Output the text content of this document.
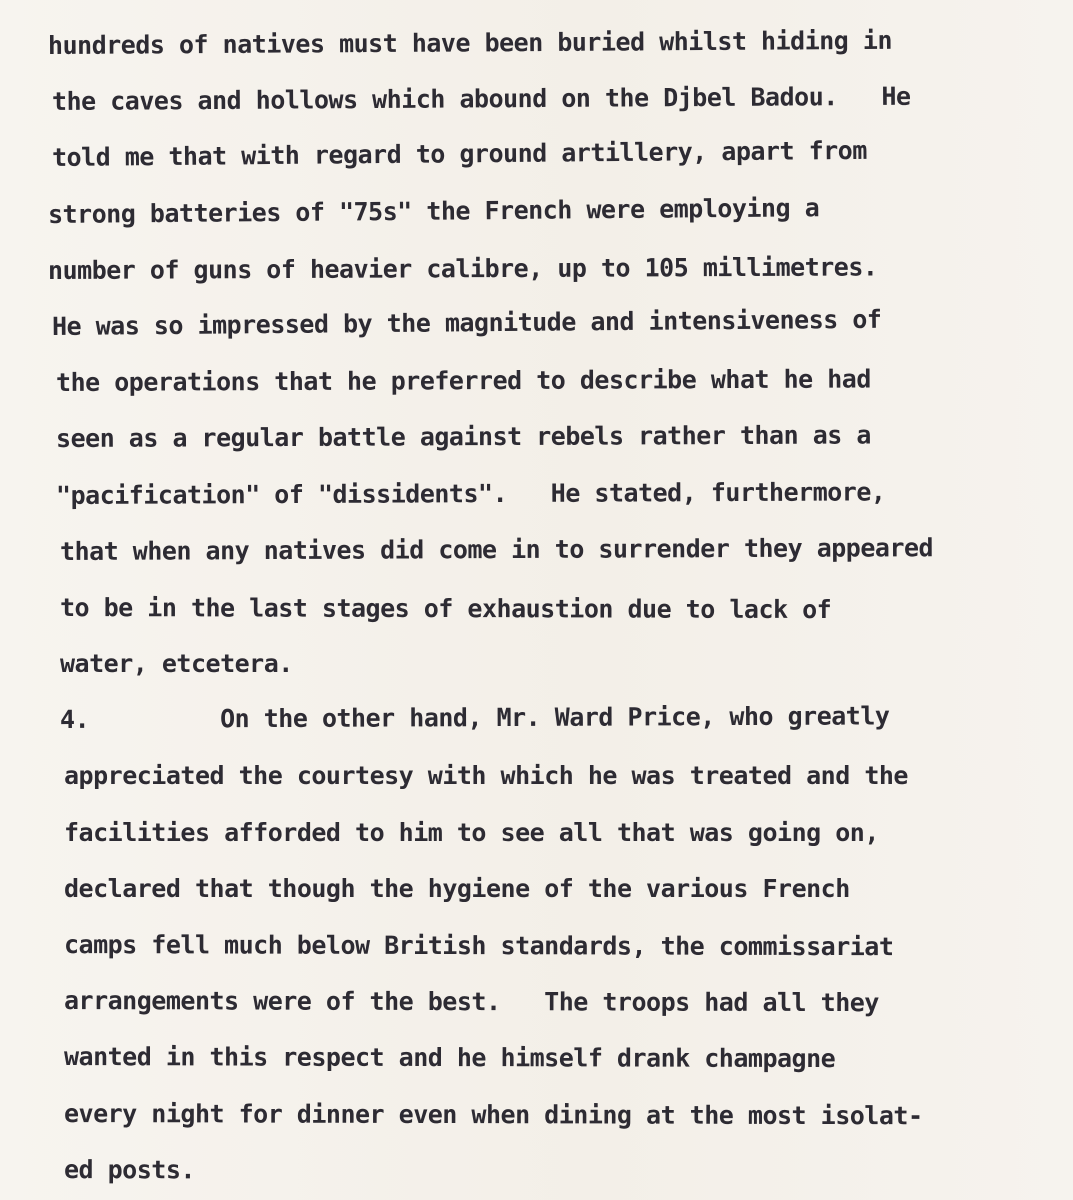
hundreds of natives must have been buried whilst hiding in
the caves and hollows which abound on the Djbel Badou.   He
told me that with regard to ground artillery, apart from
strong batteries of "75s" the French were employing a
number of guns of heavier calibre, up to 105 millimetres.
He was so impressed by the magnitude and intensiveness of
the operations that he preferred to describe what he had
seen as a regular battle against rebels rather than as a
"pacification" of "dissidents".   He stated, furthermore,
that when any natives did come in to surrender they appeared
to be in the last stages of exhaustion due to lack of
water, etcetera.
4.         On the other hand, Mr. Ward Price, who greatly
appreciated the courtesy with which he was treated and the
facilities afforded to him to see all that was going on,
declared that though the hygiene of the various French
camps fell much below British standards, the commissariat
arrangements were of the best.   The troops had all they
wanted in this respect and he himself drank champagne
every night for dinner even when dining at the most isolat-
ed posts.
